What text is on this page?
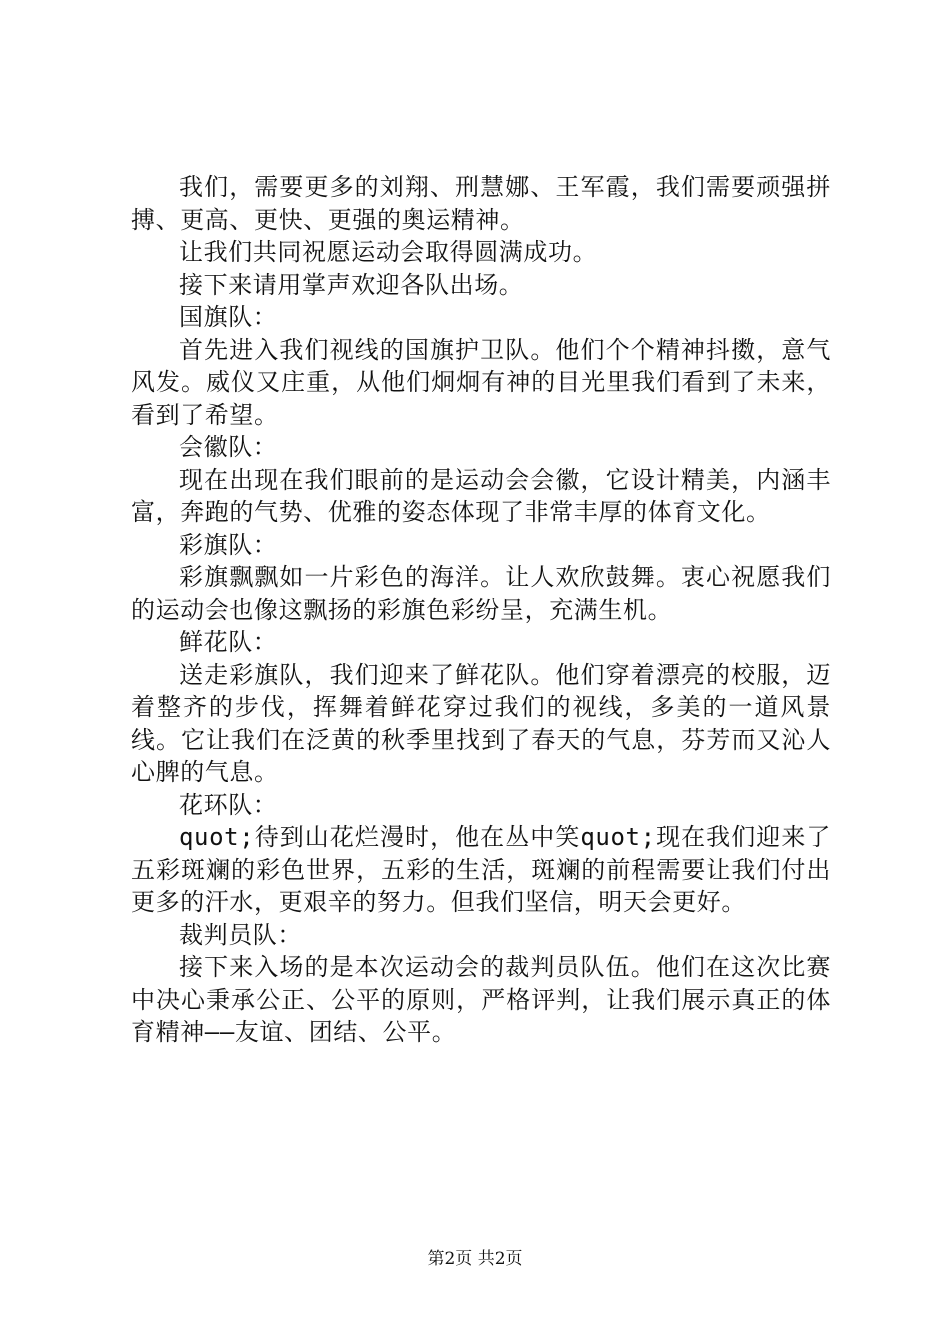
我们，需要更多的刘翔、刑慧娜、王军霞，我们需要顽强拼搏、更高、更快、更强的奥运精神。

让我们共同祝愿运动会取得圆满成功。

接下来请用掌声欢迎各队出场。

国旗队：

首先进入我们视线的国旗护卫队。他们个个精神抖擞，意气风发。威仪又庄重，从他们炯炯有神的目光里我们看到了未来，看到了希望。

会徽队：

现在出现在我们眼前的是运动会会徽，它设计精美，内涵丰富，奔跑的气势、优雅的姿态体现了非常丰厚的体育文化。

彩旗队：

彩旗飘飘如一片彩色的海洋。让人欢欣鼓舞。衷心祝愿我们的运动会也像这飘扬的彩旗色彩纷呈，充满生机。

鲜花队：

送走彩旗队，我们迎来了鲜花队。他们穿着漂亮的校服，迈着整齐的步伐，挥舞着鲜花穿过我们的视线，多美的一道风景线。它让我们在泛黄的秋季里找到了春天的气息，芬芳而又沁人心脾的气息。

花环队：

quot;待到山花烂漫时，他在丛中笑quot;现在我们迎来了五彩斑斓的彩色世界，五彩的生活，斑斓的前程需要让我们付出更多的汗水，更艰辛的努力。但我们坚信，明天会更好。

裁判员队：

接下来入场的是本次运动会的裁判员队伍。他们在这次比赛中决心秉承公正、公平的原则，严格评判，让我们展示真正的体育精神——友谊、团结、公平。

第2页 共2页
